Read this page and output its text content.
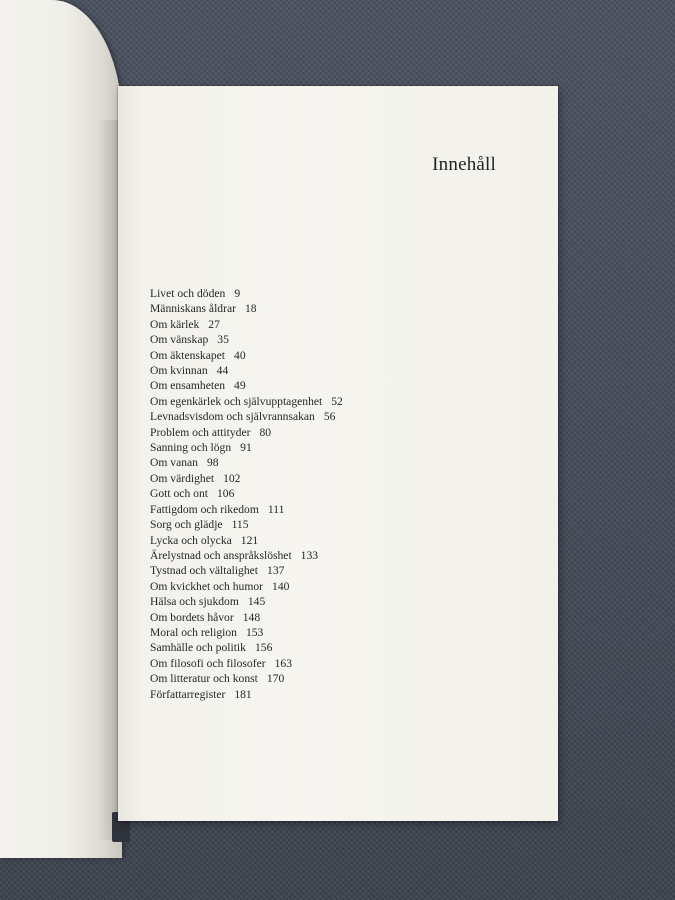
Innehåll
Livet och döden 9
Människans åldrar 18
Om kärlek 27
Om vänskap 35
Om äktenskapet 40
Om kvinnan 44
Om ensamheten 49
Om egenkärlek och självupptagenhet 52
Levnadsvisdom och självrannsakan 56
Problem och attityder 80
Sanning och lögn 91
Om vanan 98
Om värdighet 102
Gott och ont 106
Fattigdom och rikedom 111
Sorg och glädje 115
Lycka och olycka 121
Ärelystnad och anspråkslöshet 133
Tystnad och vältalighet 137
Om kvickhet och humor 140
Hälsa och sjukdom 145
Om bordets håvor 148
Moral och religion 153
Samhälle och politik 156
Om filosofi och filosofer 163
Om litteratur och konst 170
Författarregister 181
